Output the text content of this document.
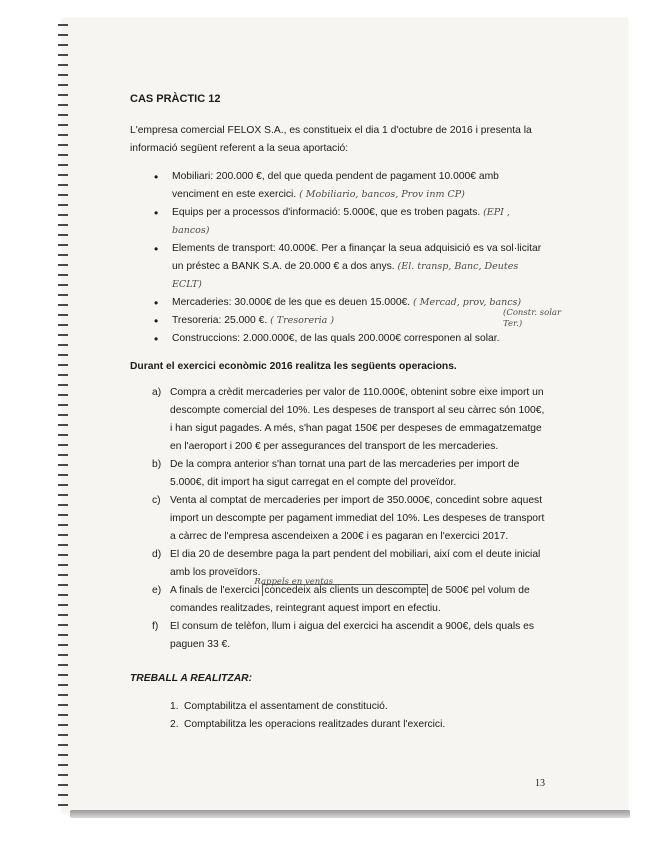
CAS PRÀCTIC 12
L'empresa comercial FELOX S.A., es constitueix el dia 1 d'octubre de 2016 i presenta la informació següent referent a la seua aportació:
• Mobiliari: 200.000 €, del que queda pendent de pagament 10.000€ amb venciment en este exercici. ( Mobiliario, bancos, Prov inm CP)
• Equips per a processos d'informació: 5.000€, que es troben pagats. (EPI , bancos)
• Elements de transport: 40.000€. Per a finançar la seua adquisició es va sol·licitar un préstec a BANK S.A. de 20.000 € a dos anys. (El. transp, Banc, Deutes ECLT)
• Mercaderies: 30.000€ de les que es deuen 15.000€. ( Mercad, prov, bancs)
• Tresoreria: 25.000 €. ( Tresoreria )
• Construccions: 2.000.000€, de las quals 200.000€ corresponen al solar.
Durant el exercici econòmic 2016 realitza les següents operacions.
a) Compra a crèdit mercaderies per valor de 110.000€, obtenint sobre eixe import un descompte comercial del 10%. Les despeses de transport al seu càrrec són 100€, i han sigut pagades. A més, s'han pagat 150€ per despeses de emmagatzematge en l'aeroport i 200 € per assegurances del transport de les mercaderies.
b) De la compra anterior s'han tornat una part de las mercaderies per import de 5.000€, dit import ha sigut carregat en el compte del proveïdor.
c) Venta al comptat de mercaderies per import de 350.000€, concedint sobre aquest import un descompte per pagament immediat del 10%. Les despeses de transport a càrrec de l'empresa ascendeixen a 200€ i es pagaran en l'exercici 2017.
d) El dia 20 de desembre paga la part pendent del mobiliari, així com el deute inicial amb los proveïdors.
e) A finals de l'exercici
Rappels en ventas
concedeix als clients un descompte de 500€ pel volum de comandes realitzades, reintegrant aquest import en efectiu.
f) El consum de telèfon, llum i aigua del exercici ha ascendit a 900€, dels quals es paguen 33 €.
TREBALL A REALITZAR:
1. Comptabilitza el assentament de constitució.
2. Comptabilitza les operacions realitzades durant l'exercici.
(Constr. solar Ter.)
13
